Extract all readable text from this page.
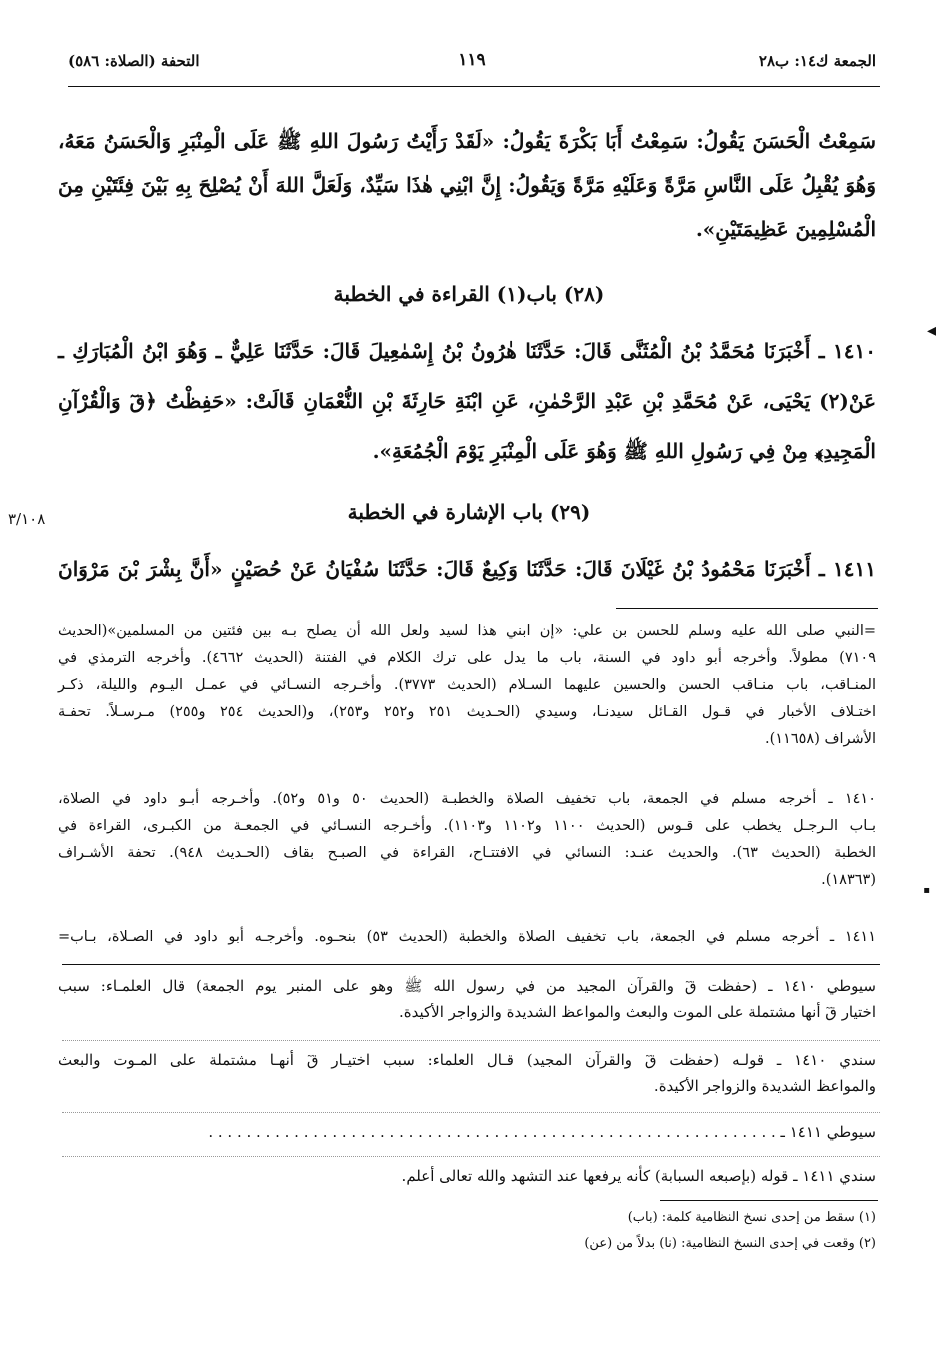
الجمعة ك١٤: ب٢٨
١١٩
التحفة (الصلاة: ٥٨٦)
سَمِعْتُ الْحَسَنَ يَقُولُ: سَمِعْتُ أَبَا بَكْرَةَ يَقُولُ: «لَقَدْ رَأَيْتُ رَسُولَ اللهِ ﷺ عَلَى الْمِنْبَرِ وَالْحَسَنُ مَعَهُ،
وَهُوَ يُقْبِلُ عَلَى النَّاسِ مَرَّةً وَعَلَيْهِ مَرَّةً وَيَقُولُ: إِنَّ ابْنِي هٰذَا سَيِّدٌ، وَلَعَلَّ اللهَ أَنْ يُصْلِحَ بِهِ بَيْنَ فِئَتَيْنِ مِنَ
الْمُسْلِمِينَ عَظِيمَتَيْنِ».
(٢٨) باب(١) القراءة في الخطبة
١٤١٠ ـ أَخْبَرَنَا مُحَمَّدُ بْنُ الْمُثَنَّى قَالَ: حَدَّثَنَا هٰرُونُ بْنُ إِسْمٰعِيلَ قَالَ: حَدَّثَنَا عَلِيٌّ ـ وَهُوَ ابْنُ الْمُبَارَكِ ـ
عَنْ(٢) يَحْيَى، عَنْ مُحَمَّدِ بْنِ عَبْدِ الرَّحْمٰنِ، عَنِ ابْنَةِ حَارِثَةَ بْنِ النُّعْمَانِ قَالَتْ: «حَفِظْتُ ﴿قٓ وَالْقُرْآنِ
الْمَجِيدِ﴾ مِنْ فِي رَسُولِ اللهِ ﷺ وَهُوَ عَلَى الْمِنْبَرِ يَوْمَ الْجُمُعَةِ».
٣/١٠٨	(٢٩) باب الإشارة في الخطبة
١٤١١ ـ أَخْبَرَنَا مَحْمُودُ بْنُ غَيْلَانَ قَالَ: حَدَّثَنَا وَكِيعٌ قَالَ: حَدَّثَنَا سُفْيَانُ عَنْ حُصَيْنٍ «أَنَّ بِشْرَ بْنَ مَرْوَانَ
=النبي صلى الله عليه وسلم للحسن بن علي: «إن ابني هذا لسيد ولعل الله أن يصلح بـه بين فئتين من المسلمين»(الحديث
٧١٠٩) مطولاً. وأخرجه أبو داود في السنة، باب ما يدل على ترك الكلام في الفتنة (الحديث ٤٦٦٢). وأخرجه الترمذي في
المنـاقب، باب منـاقب الحسن والحسين عليهما السـلام (الحديث ٣٧٧٣). وأخـرجه النسـائي في عمـل اليـوم والليلة، ذكـر
اختـلاف الأخبار في قـول القـائل سيدنـا، وسيدي (الحـديث ٢٥١ و٢٥٢ و٢٥٣)، و(الحديث ٢٥٤ و٢٥٥) مـرسـلاً. تحفـة
الأشراف (١١٦٥٨).
١٤١٠ ـ أخرجه مسلم في الجمعة، باب تخفيف الصلاة والخطبـة (الحديث ٥٠ و٥١ و٥٢). وأخـرجه أبـو داود في الصلاة،
بـاب الـرجـل يخطب على قـوس (الحديث ١١٠٠ و١١٠٢ و١١٠٣). وأخـرجه النسـائي في الجمعـة من الكبـرى، القراءة في
الخطبة (الحديث ٦٣). والحديث عنـد: النسائي في الافتتـاح، القراءة في الصبـح بقاف (الحـديث ٩٤٨). تحفة الأشـراف
(١٨٣٦٣).
١٤١١ ـ أخرجه مسلم في الجمعة، باب تخفيف الصلاة والخطبة (الحديث ٥٣) بنحـوه. وأخرجـه أبو داود في الصـلاة، بـاب=
سيوطي ١٤١٠ ـ (حفظت قٓ والقرآن المجيد من في رسول الله ﷺ وهو على المنبر يوم الجمعة) قال العلمـاء: سبب
اختيار قٓ أنها مشتملة على الموت والبعث والمواعظ الشديدة والزواجر الأكيدة.
سندي ١٤١٠ ـ قولـه (حفظت قٓ والقرآن المجيد) قـال العلماء: سبب اختيـار قٓ أنهـا مشتملة على المـوت والبعث
والمواعظ الشديدة والزواجر الأكيدة.
سيوطي ١٤١١ ـ . . . . . . . . . . . . . . . . . . . . . . . . . . . . . . . . . . . . . . . . . . . . . . . . . . . . . . . . . . . .
سندي ١٤١١ ـ قوله (بإصبعه السبابة) كأنه يرفعها عند التشهد والله تعالى أعلم.
(١) سقط من إحدى نسخ النظامية كلمة: (باب)
(٢) وقعت في إحدى النسخ النظامية: (نا) بدلاً من (عن)
◂
▪
